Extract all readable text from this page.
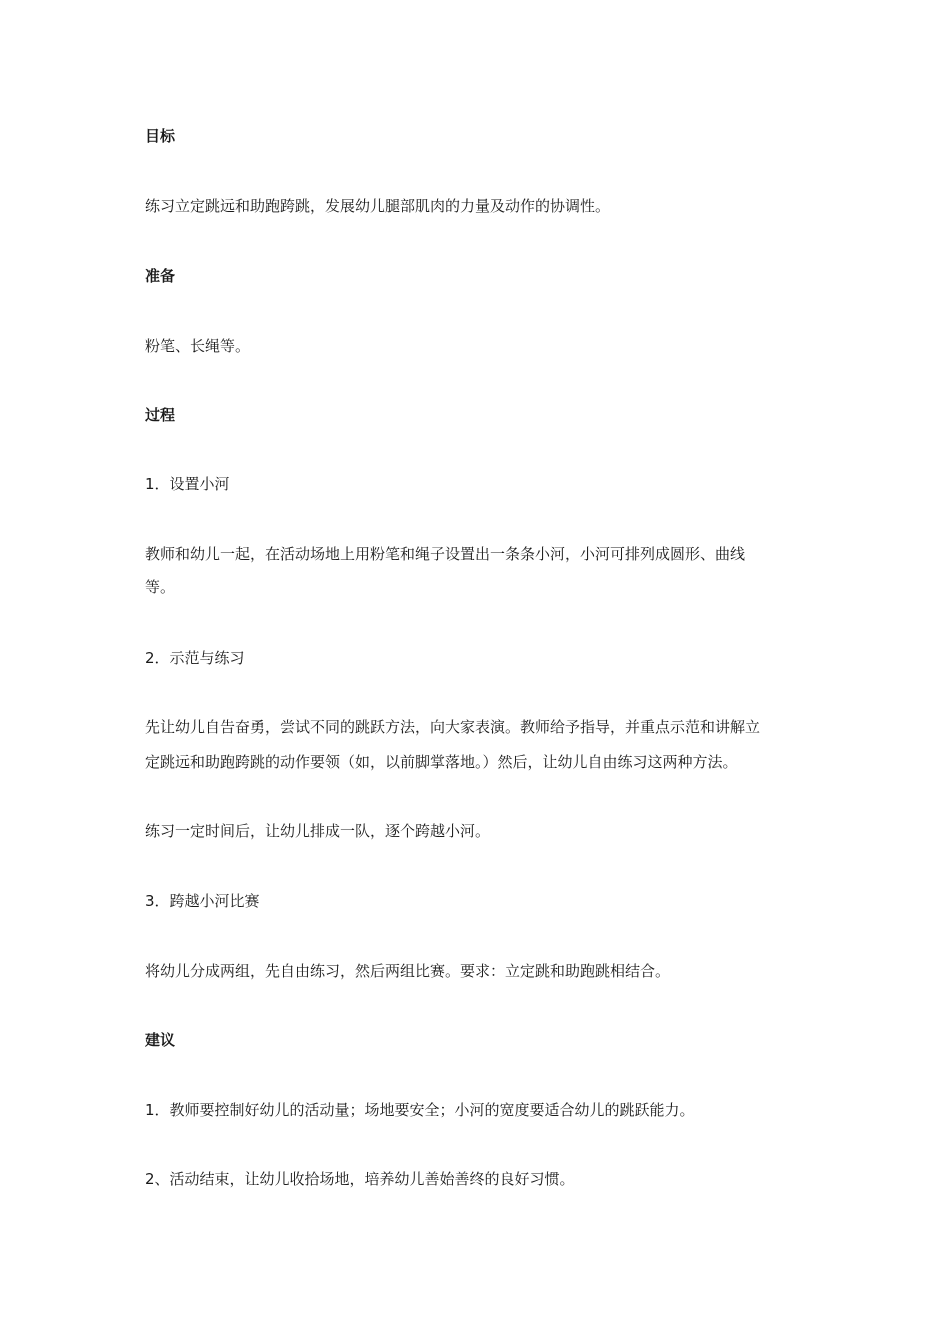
目标
练习立定跳远和助跑跨跳，发展幼儿腿部肌肉的力量及动作的协调性。
准备
粉笔、长绳等。
过程
1．设置小河
教师和幼儿一起，在活动场地上用粉笔和绳子设置出一条条小河，小河可排列成圆形、曲线
等。
2．示范与练习
先让幼儿自告奋勇，尝试不同的跳跃方法，向大家表演。教师给予指导，并重点示范和讲解立
定跳远和助跑跨跳的动作要领（如，以前脚掌落地。）然后，让幼儿自由练习这两种方法。
练习一定时间后，让幼儿排成一队，逐个跨越小河。
3．跨越小河比赛
将幼儿分成两组，先自由练习，然后两组比赛。要求：立定跳和助跑跳相结合。
建议
1．教师要控制好幼儿的活动量；场地要安全；小河的宽度要适合幼儿的跳跃能力。
2、活动结束，让幼儿收拾场地，培养幼儿善始善终的良好习惯。
